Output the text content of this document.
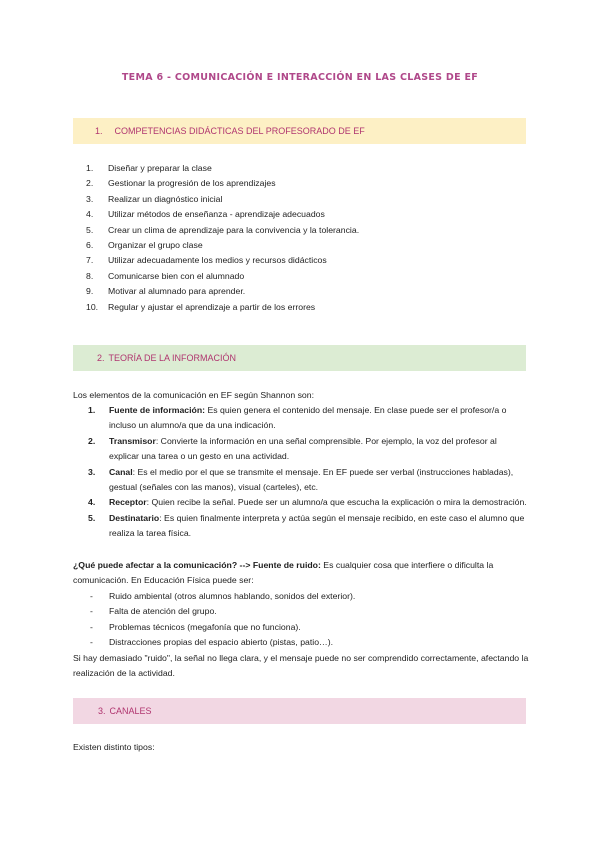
TEMA 6 - COMUNICACIÓN E INTERACCIÓN EN LAS CLASES DE EF
1. COMPETENCIAS DIDÁCTICAS DEL PROFESORADO DE EF
1. Diseñar y preparar la clase
2. Gestionar la progresión de los aprendizajes
3. Realizar un diagnóstico inicial
4. Utilizar métodos de enseñanza - aprendizaje adecuados
5. Crear un clima de aprendizaje para la convivencia y la tolerancia.
6. Organizar el grupo clase
7. Utilizar adecuadamente los medios y recursos didácticos
8. Comunicarse bien con el alumnado
9. Motivar al alumnado para aprender.
10. Regular y ajustar el aprendizaje a partir de los errores
2. TEORÍA DE LA INFORMACIÓN
Los elementos de la comunicación en EF según Shannon son:
1. Fuente de información: Es quien genera el contenido del mensaje. En clase puede ser el profesor/a o incluso un alumno/a que da una indicación.
2. Transmisor: Convierte la información en una señal comprensible. Por ejemplo, la voz del profesor al explicar una tarea o un gesto en una actividad.
3. Canal: Es el medio por el que se transmite el mensaje. En EF puede ser verbal (instrucciones habladas), gestual (señales con las manos), visual (carteles), etc.
4. Receptor: Quien recibe la señal. Puede ser un alumno/a que escucha la explicación o mira la demostración.
5. Destinatario: Es quien finalmente interpreta y actúa según el mensaje recibido, en este caso el alumno que realiza la tarea física.
¿Qué puede afectar a la comunicación? --> Fuente de ruido: Es cualquier cosa que interfiere o dificulta la comunicación. En Educación Física puede ser:
- Ruido ambiental (otros alumnos hablando, sonidos del exterior).
- Falta de atención del grupo.
- Problemas técnicos (megafonía que no funciona).
- Distracciones propias del espacio abierto (pistas, patio…).
Si hay demasiado "ruido", la señal no llega clara, y el mensaje puede no ser comprendido correctamente, afectando la realización de la actividad.
3. CANALES
Existen distinto tipos:
